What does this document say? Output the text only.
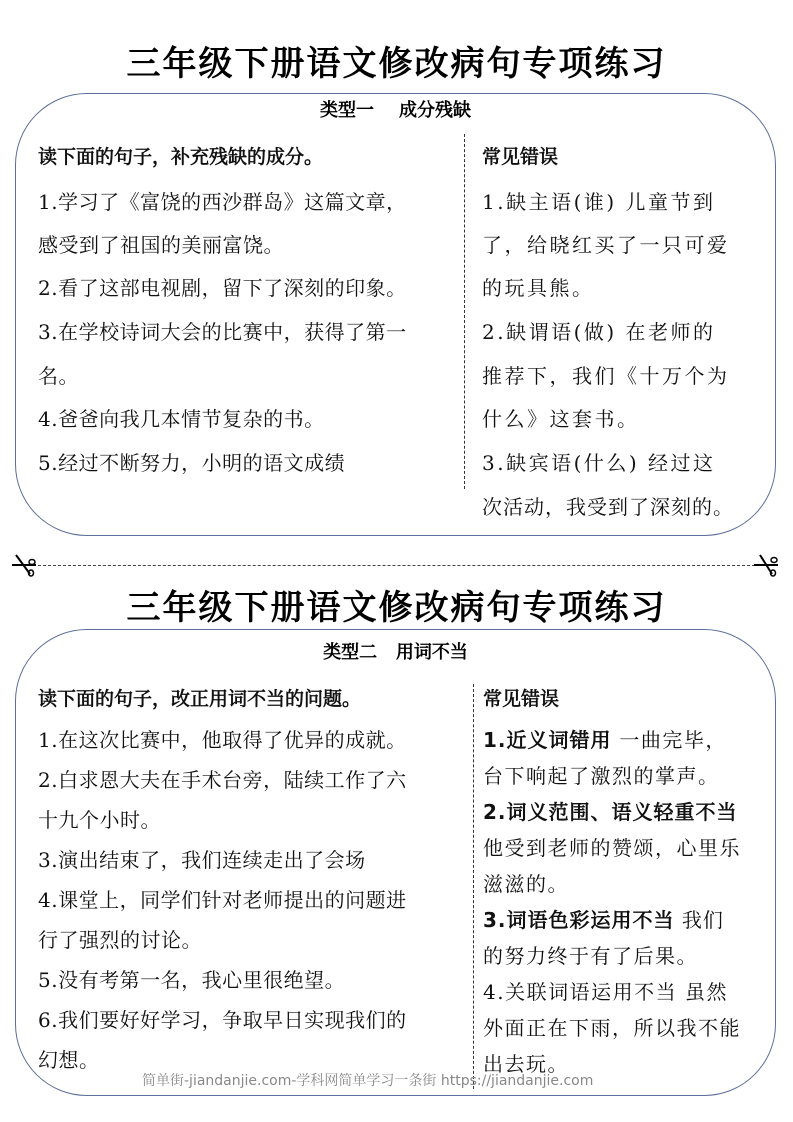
三年级下册语文修改病句专项练习
类型一    成分残缺
读下面的句子，补充残缺的成分。
1.学习了《富饶的西沙群岛》这篇文章，
感受到了祖国的美丽富饶。
2.看了这部电视剧，留下了深刻的印象。
3.在学校诗词大会的比赛中，获得了第一
名。
4.爸爸向我几本情节复杂的书。
5.经过不断努力，小明的语文成绩
常见错误
1.缺主语(谁) 儿童节到
了，给晓红买了一只可爱
的玩具熊。
2.缺谓语(做) 在老师的
推荐下，我们《十万个为
什么》这套书。
3.缺宾语(什么) 经过这
次活动，我受到了深刻的。
三年级下册语文修改病句专项练习
类型二   用词不当
读下面的句子，改正用词不当的问题。
1.在这次比赛中，他取得了优异的成就。
2.白求恩大夫在手术台旁，陆续工作了六
十九个小时。
3.演出结束了，我们连续走出了会场
4.课堂上，同学们针对老师提出的问题进
行了强烈的讨论。
5.没有考第一名，我心里很绝望。
6.我们要好好学习，争取早日实现我们的
幻想。
常见错误
1.近义词错用 一曲完毕，
台下响起了激烈的掌声。
2.词义范围、语义轻重不当
他受到老师的赞颂，心里乐
滋滋的。
3.词语色彩运用不当 我们
的努力终于有了后果。
4.关联词语运用不当 虽然
外面正在下雨，所以我不能
出去玩。
简单街-jiandanjie.com-学科网简单学习一条街 https://jiandanjie.com
